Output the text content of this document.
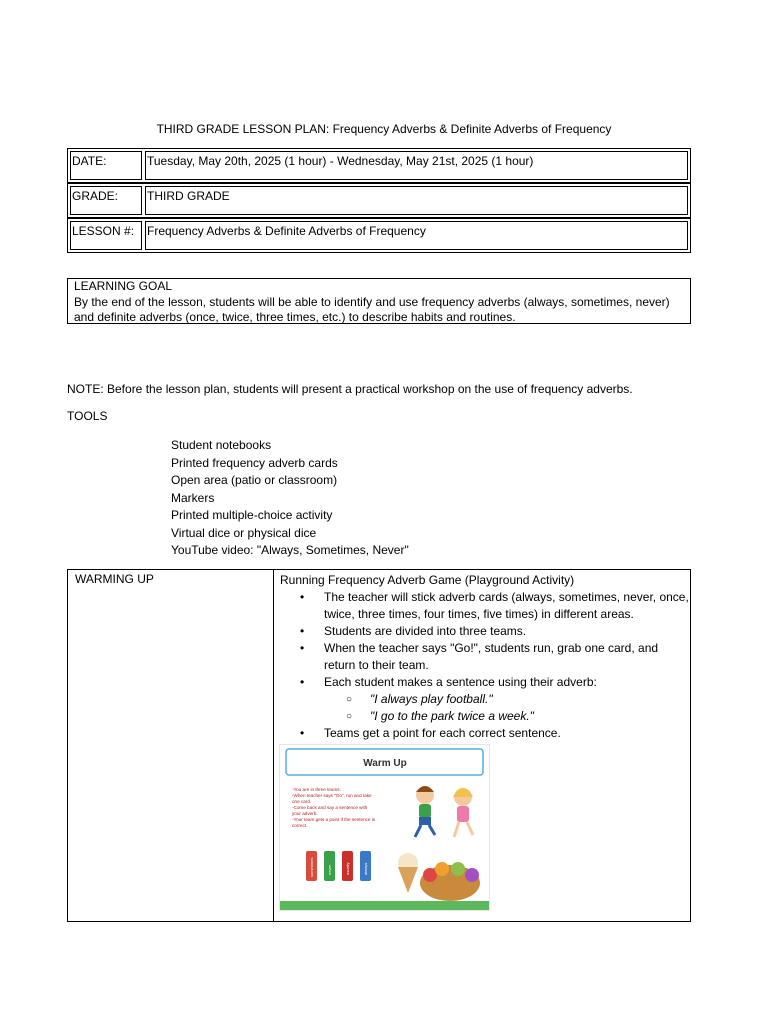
THIRD GRADE LESSON PLAN: Frequency Adverbs & Definite Adverbs of Frequency
DATE:	Tuesday, May 20th, 2025 (1 hour) - Wednesday, May 21st, 2025 (1 hour)
GRADE: THIRD GRADE
LESSON #: Frequency Adverbs & Definite Adverbs of Frequency
LEARNING GOAL
By the end of the lesson, students will be able to identify and use frequency adverbs (always, sometimes, never)
and definite adverbs (once, twice, three times, etc.) to describe habits and routines.
NOTE: Before the lesson plan, students will present a practical workshop on the use of frequency adverbs.
TOOLS
Student notebooks
Printed frequency adverb cards
Open area (patio or classroom)
Markers
Printed multiple-choice activity
Virtual dice or physical dice
YouTube video: "Always, Sometimes, Never"
WARMING UP	Running Frequency Adverb Game (Playground Activity)
• The teacher will stick adverb cards (always, sometimes, never, once, twice, three times, four times, five times) in different areas.
• Students are divided into three teams.
• When the teacher says "Go!", students run, grab one card, and return to their team.
• Each student makes a sentence using their adverb:
○ "I always play football."
○ "I go to the park twice a week."
• Teams get a point for each correct sentence.
Warm Up
-You are in three teams.
-When teacher says "Go", run and take
one card.
-Come back and say a sentence with
your adverb.
-Your team gets a point if the sentence is
correct.
sometimes	never	usually	always
